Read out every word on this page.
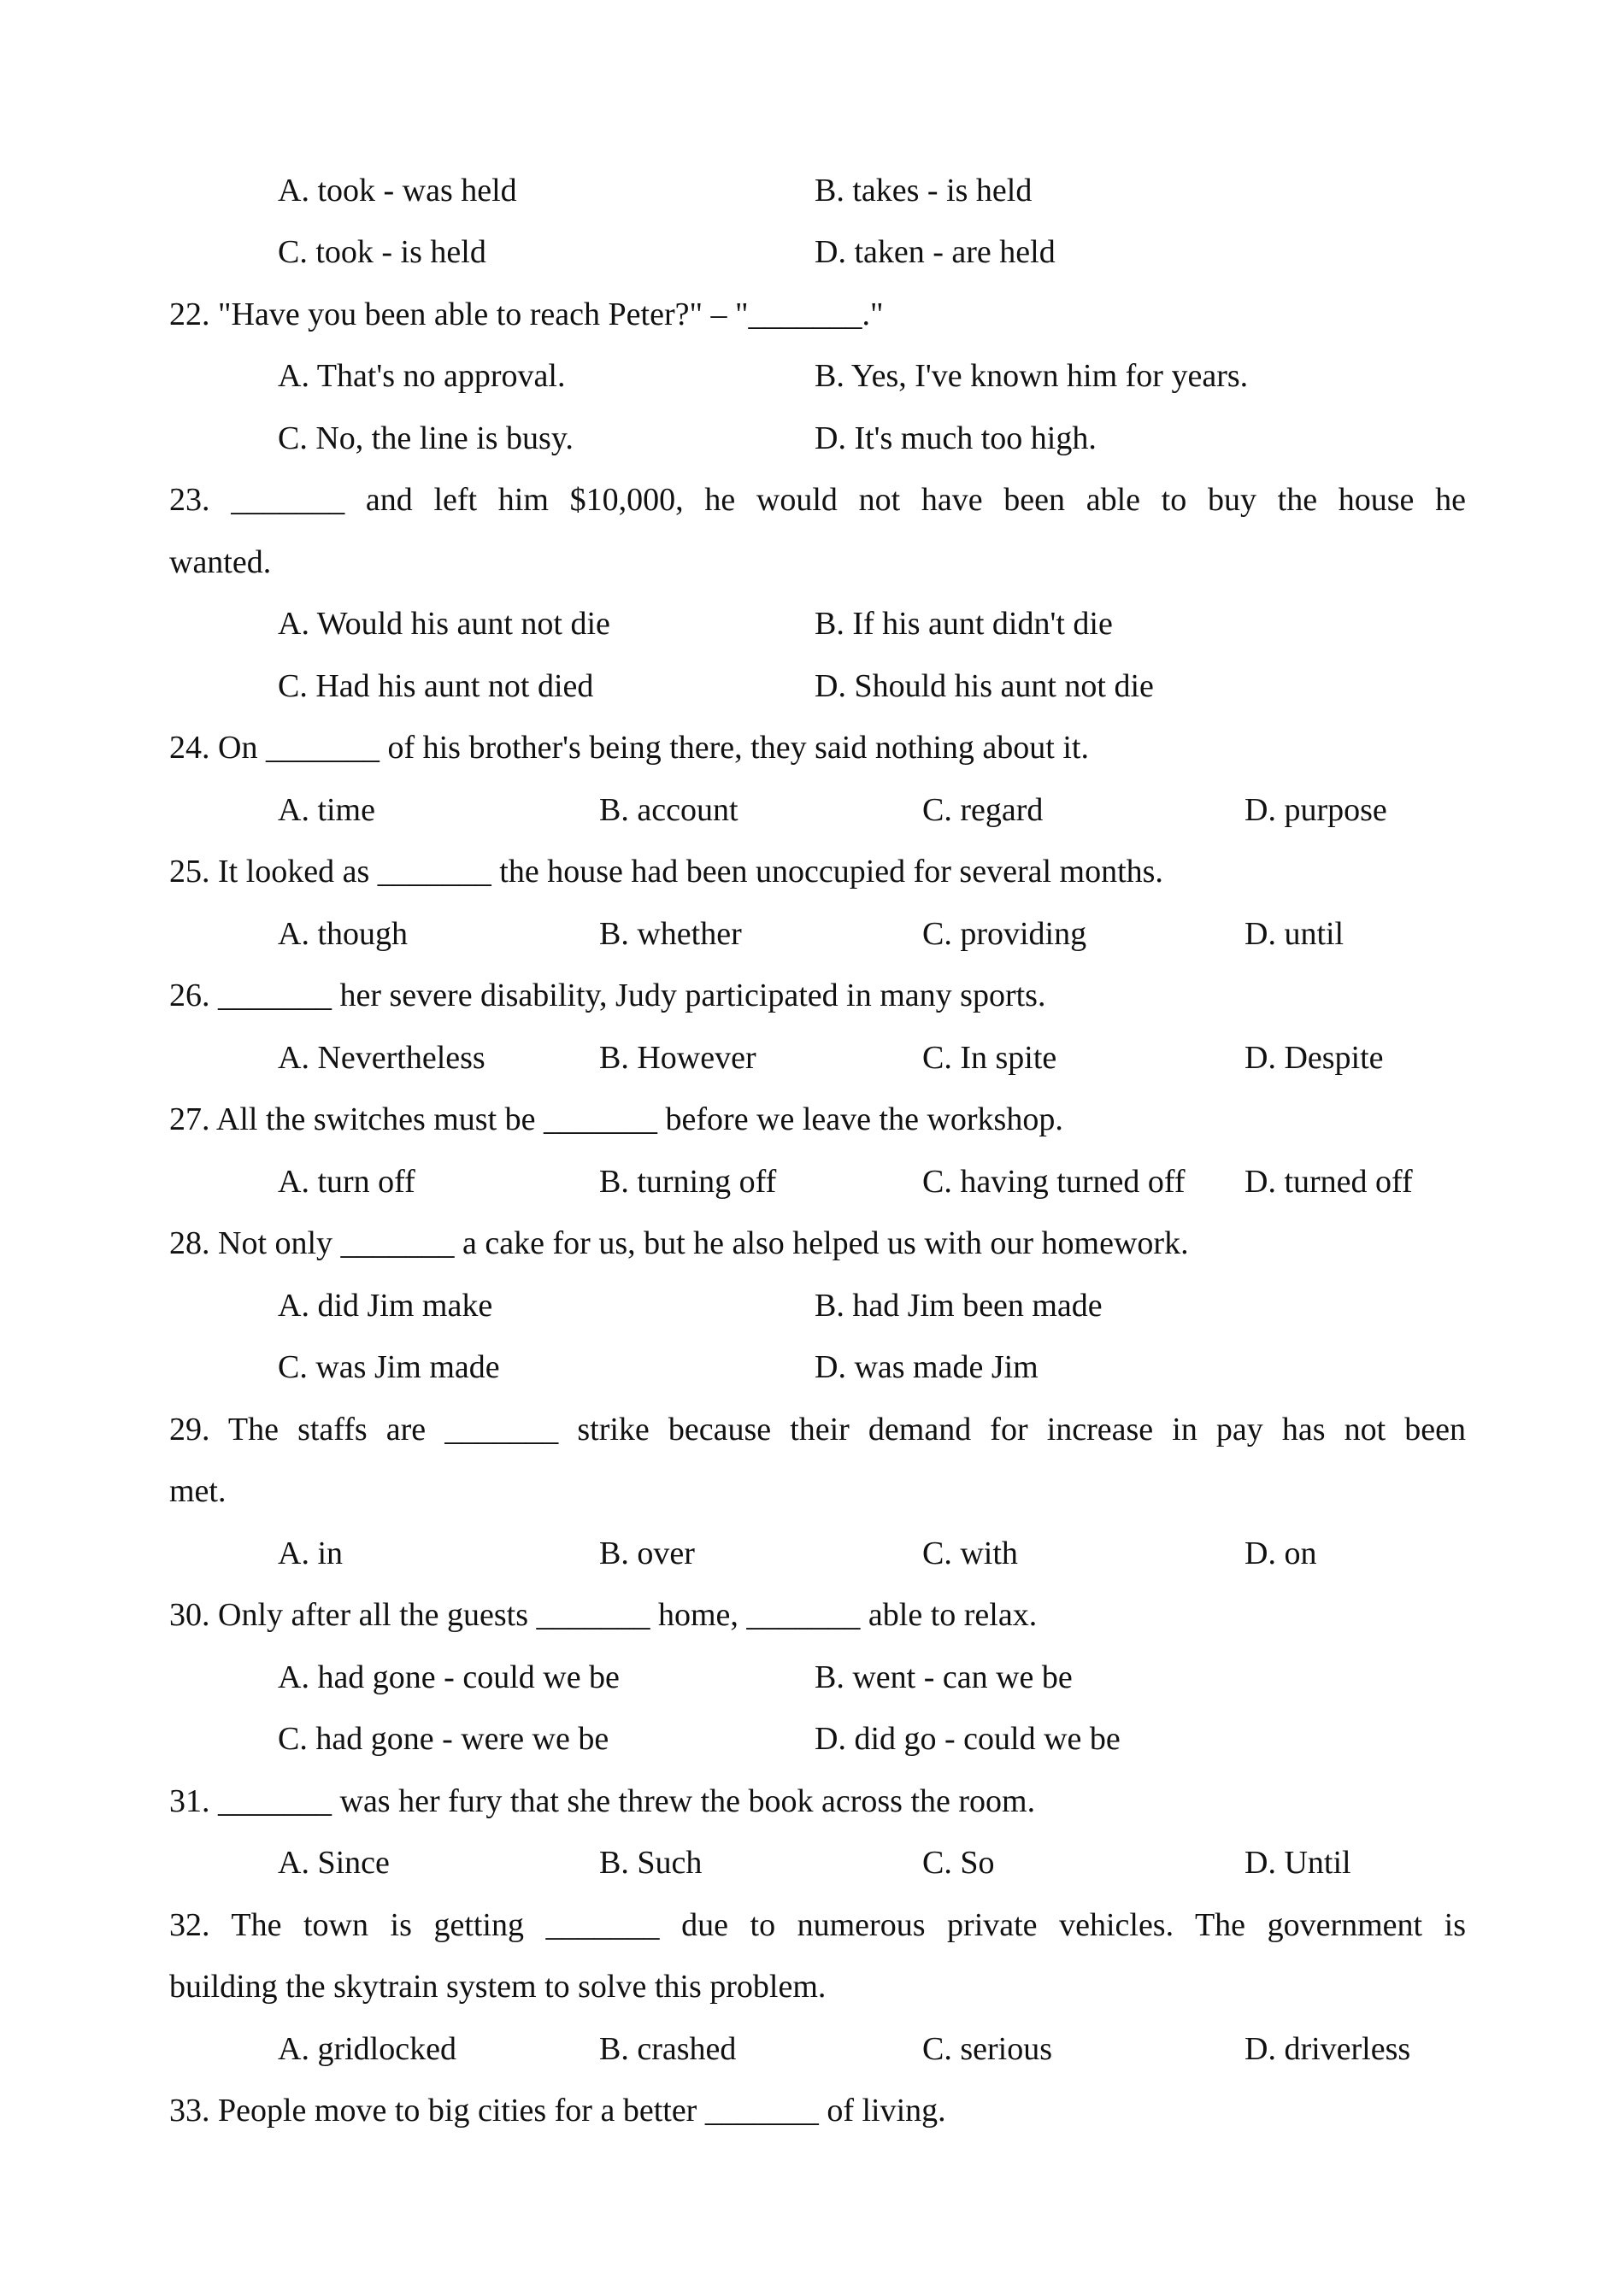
A. took - was held	B. takes - is held
C. took - is held	D. taken - are held
22. "Have you been able to reach Peter?" – "_______."
A. That's no approval.	B. Yes, I've known him for years.
C. No, the line is busy.	D. It's much too high.
23. _______ and left him $10,000, he would not have been able to buy the house he
wanted.
A. Would his aunt not die	B. If his aunt didn't die
C. Had his aunt not died	D. Should his aunt not die
24. On _______ of his brother's being there, they said nothing about it.
A. time	B. account	C. regard	D. purpose
25. It looked as _______ the house had been unoccupied for several months.
A. though	B. whether	C. providing	D. until
26. _______ her severe disability, Judy participated in many sports.
A. Nevertheless	B. However	C. In spite	D. Despite
27. All the switches must be _______ before we leave the workshop.
A. turn off	B. turning off	C. having turned off D. turned off
28. Not only _______ a cake for us, but he also helped us with our homework.
A. did Jim make	B. had Jim been made
C. was Jim made	D. was made Jim
29. The staffs are _______ strike because their demand for increase in pay has not been
met.
A. in	B. over	C. with	D. on
30. Only after all the guests _______ home, _______ able to relax.
A. had gone - could we be	B. went - can we be
C. had gone - were we be	D. did go - could we be
31. _______ was her fury that she threw the book across the room.
A. Since	B. Such	C. So	D. Until
32. The town is getting _______ due to numerous private vehicles. The government is
building the skytrain system to solve this problem.
A. gridlocked	B. crashed	C. serious	D. driverless
33. People move to big cities for a better _______ of living.
